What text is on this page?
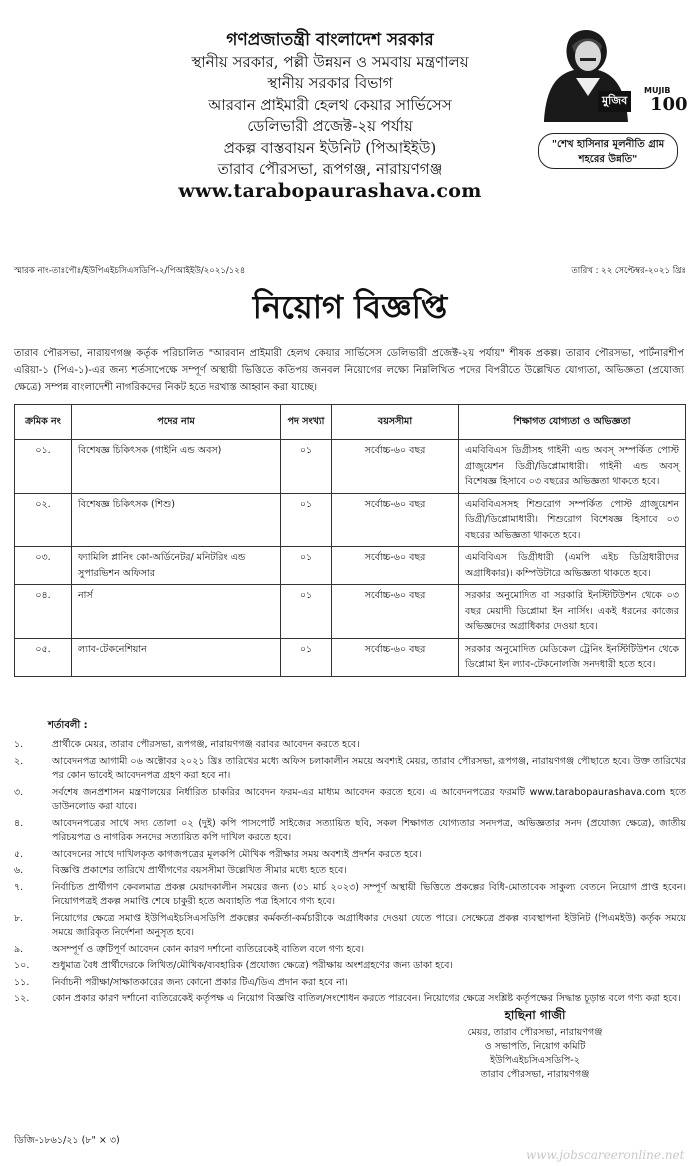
গণপ্রজাতন্ত্রী বাংলাদেশ সরকার
স্থানীয় সরকার, পল্লী উন্নয়ন ও সমবায় মন্ত্রণালয়
স্থানীয় সরকার বিভাগ
আরবান প্রাইমারী হেলথ কেয়ার সার্ভিসেস
ডেলিভারী প্রজেক্ট-২য় পর্যায়
প্রকল্প বাস্তবায়ন ইউনিট (পিআইইউ)
তারাব পৌরসভা, রূপগঞ্জ, নারায়ণগঞ্জ
www.tarabopaurashava.com
মুজিব
MUJIB
100
"শেখ হাসিনার মূলনীতি গ্রাম শহরের উন্নতি"
স্মারক নাং-তাঃপৌঃ/ইউপিএইচসিএসডিপি-২/পিআইইউ/২০২১/১২৪	তারিখ : ২২ সেপ্টেম্বর-২০২১ খ্রিঃ
নিয়োগ বিজ্ঞপ্তি
তারাব পৌরসভা, নারায়ণগঞ্জ কর্তৃক পরিচালিত "আরবান প্রাইমারী হেলথ কেয়ার সার্ভিসেস ডেলিভারী প্রজেক্ট-২য় পর্যায়" শীষক প্রকল্প। তারাব পৌরসভা, পার্টনারশীপ এরিয়া-১ (পিএ-১)-এর জন্য শর্তসাপেক্ষে সম্পূর্ণ অস্থায়ী ভিত্তিতে কতিপয় জনবল নিয়োগের লক্ষ্যে নিম্নলিখিত পদের বিপরীতে উল্লেখিত যোগ্যতা, অভিজ্ঞতা (প্রযোজ্য ক্ষেত্রে) সম্পন্ন বাংলাদেশী নাগরিকদের নিকট হতে দরখাস্ত আহ্বান করা যাচ্ছে।
ক্রমিক নং	পদের নাম	পদ সংখ্যা	বয়সসীমা	শিক্ষাগত যোগ্যতা ও অভিজ্ঞতা
০১.	বিশেষজ্ঞ চিকিৎসক (গাইনি এন্ড অবস)	০১	সর্বোচ্চ-৬০ বছর	এমবিবিএস ডিগ্রীসহ গাইনী এন্ড অবস্‌ সম্পর্কিত পোস্ট গ্রাজুয়েশন ডিগ্রী/ডিপ্লোমাধারী। গাইনী এন্ড অবস্‌ বিশেষজ্ঞ হিসাবে ০৩ বছরের অভিজ্ঞতা থাকতে হবে।
০২.	বিশেষজ্ঞ চিকিৎসক (শিশু)	০১	সর্বোচ্চ-৬০ বছর	এমবিবিএসসহ শিশুরোগ সম্পর্কিত পোস্ট গ্রাজুয়েশন ডিগ্রী/ডিপ্লোমাধারী। শিশুরোগ বিশেষজ্ঞ হিসাবে ০৩ বছরের অভিজ্ঞতা থাকতে হবে।
০৩.	ফ্যামিলি প্লানিং কো-অর্ডিনেটর/ মনিটরিং এন্ড সুপারভিশন অফিসার	০১	সর্বোচ্চ-৬০ বছর	এমবিবিএস ডিগ্রীধারী (এমপি এইচ ডিগ্রিধারীদের অগ্রাধিকার)। কম্পিউটারে অভিজ্ঞতা থাকতে হবে।
০৪.	নার্স	০১	সর্বোচ্চ-৬০ বছর	সরকার অনুমোদিত বা সরকারি ইনস্টিটিউশন থেকে ০৩ বছর মেয়াদী ডিপ্লোমা ইন নার্সিং। একই ধরনের কাজের অভিজ্ঞদের অগ্রাধিকার দেওয়া হবে।
০৫.	ল্যাব-টেকনেশিয়ান	০১	সর্বোচ্চ-৬০ বছর	সরকার অনুমোদিত মেডিকেল ট্রেনিং ইনস্টিটিউশন থেকে ডিপ্লোমা ইন ল্যাব-টেকনোলজি সনদধারী হতে হবে।
শর্তাবলী :
১.	প্রার্থীকে মেয়র, তারাব পৌরসভা, রূপগঞ্জ, নারায়ণগঞ্জ বরাবর আবেদন করতে হবে।
২.	আবেদনপত্র আগামী ০৬ অক্টোবর ২০২১ খ্রিঃ তারিখের মধ্যে অফিস চলাকালীন সময়ে অবশ্যই মেয়র, তারাব পৌরসভা, রূপগঞ্জ, নারায়ণগঞ্জ পৌছাতে হবে। উক্ত তারিখের পর কোন ভাবেই আবেদনপত্র গ্রহণ করা হবে না।
৩.	সর্বশেষ জনপ্রশাসন মন্ত্রণালয়ের নির্ধারিত চাকরির আবেদন ফরম-এর মাধ্যম আবেদন করতে হবে। এ আবেদনপত্রের ফরমটি www.tarabopaurashava.com হতে ডাউনলোড করা যাবে।
৪.	আবেদনপত্রের সাথে সদ্য তোলা ০২ (দুই) কপি পাসপোর্ট সাইজের সত্যায়িত ছবি, সকল শিক্ষাগত যোগ্যতার সনদপত্র, অভিজ্ঞতার সনদ (প্রযোজ্য ক্ষেত্রে), জাতীয় পরিচয়পত্র ও নাগরিক সনদের সত্যায়িত কপি দাখিল করতে হবে।
৫.	আবেদনের সাথে দাখিলকৃত কাগজপত্রের মূলকপি মৌখিক পরীক্ষার সময় অবশ্যই প্রদর্শন করতে হবে।
৬.	বিজ্ঞপ্তি প্রকাশের তারিখে প্রার্থীগণের বয়সসীমা উল্লেখিত সীমার মধ্যে হতে হবে।
৭.	নির্বাচিত প্রার্থীগণ কেবলমাত্র প্রকল্প মেয়াদকালীন সময়ের জন্য (৩১ মার্চ ২০২৩) সম্পূর্ণ অস্থায়ী ভিত্তিতে প্রকল্পের বিধি-মোতাবেক সাকুল্য বেতনে নিয়োগ প্রাপ্ত হবেন। নিয়োগপত্রই প্রকল্প সমাপ্তি শেষে চাকুরী হতে অব্যাহতি পত্র হিসাবে গণ্য হবে।
৮.	নিয়োগের ক্ষেত্রে সমাপ্ত ইউপিএইচসিএসডিপি প্রকল্পের কর্মকর্তা-কর্মচারীকে অগ্রাধিকার দেওয়া যেতে পারে। সেক্ষেত্রে প্রকল্প ব্যবস্থাপনা ইউনিট (পিএমইউ) কর্তৃক সময়ে সময়ে জারিকৃত নির্দেশনা অনুসৃত হবে।
৯.	অসম্পূর্ণ ও ত্রুটিপূর্ণ আবেদন কোন কারণ দর্শানো ব্যতিরেকেই বাতিল বলে গণ্য হবে।
১০.	শুধুমাত্র বৈধ প্রার্থীদেরকে লিখিত/মৌখিক/ব্যবহারিক (প্রযোজ্য ক্ষেত্রে) পরীক্ষায় অংশগ্রহণের জন্য ডাকা হবে।
১১.	নির্বাচনী পরীক্ষা/সাক্ষাতকারের জন্য কোনো প্রকার টিএ/ডিএ প্রদান করা হবে না।
১২.	কোন প্রকার কারণ দর্শানো ব্যতিরেকেই কর্তৃপক্ষ এ নিয়োগ বিজ্ঞপ্তি বাতিল/সংশোধন করতে পারবেন। নিয়োগের ক্ষেত্রে সংশ্লিষ্ট কর্তৃপক্ষের সিদ্ধান্ত চূড়ান্ত বলে গণ্য করা হবে।
হাছিনা গাজী
মেয়র, তারাব পৌরসভা, নারায়ণগঞ্জ
ও সভাপতি, নিয়োগ কমিটি
ইউপিএইচসিএসডিপি-২
তারাব পৌরসভা, নারায়ণগঞ্জ
ডিজি-১৮৬১/২১ (৮" × ৩)
www.jobscareeronline.net
